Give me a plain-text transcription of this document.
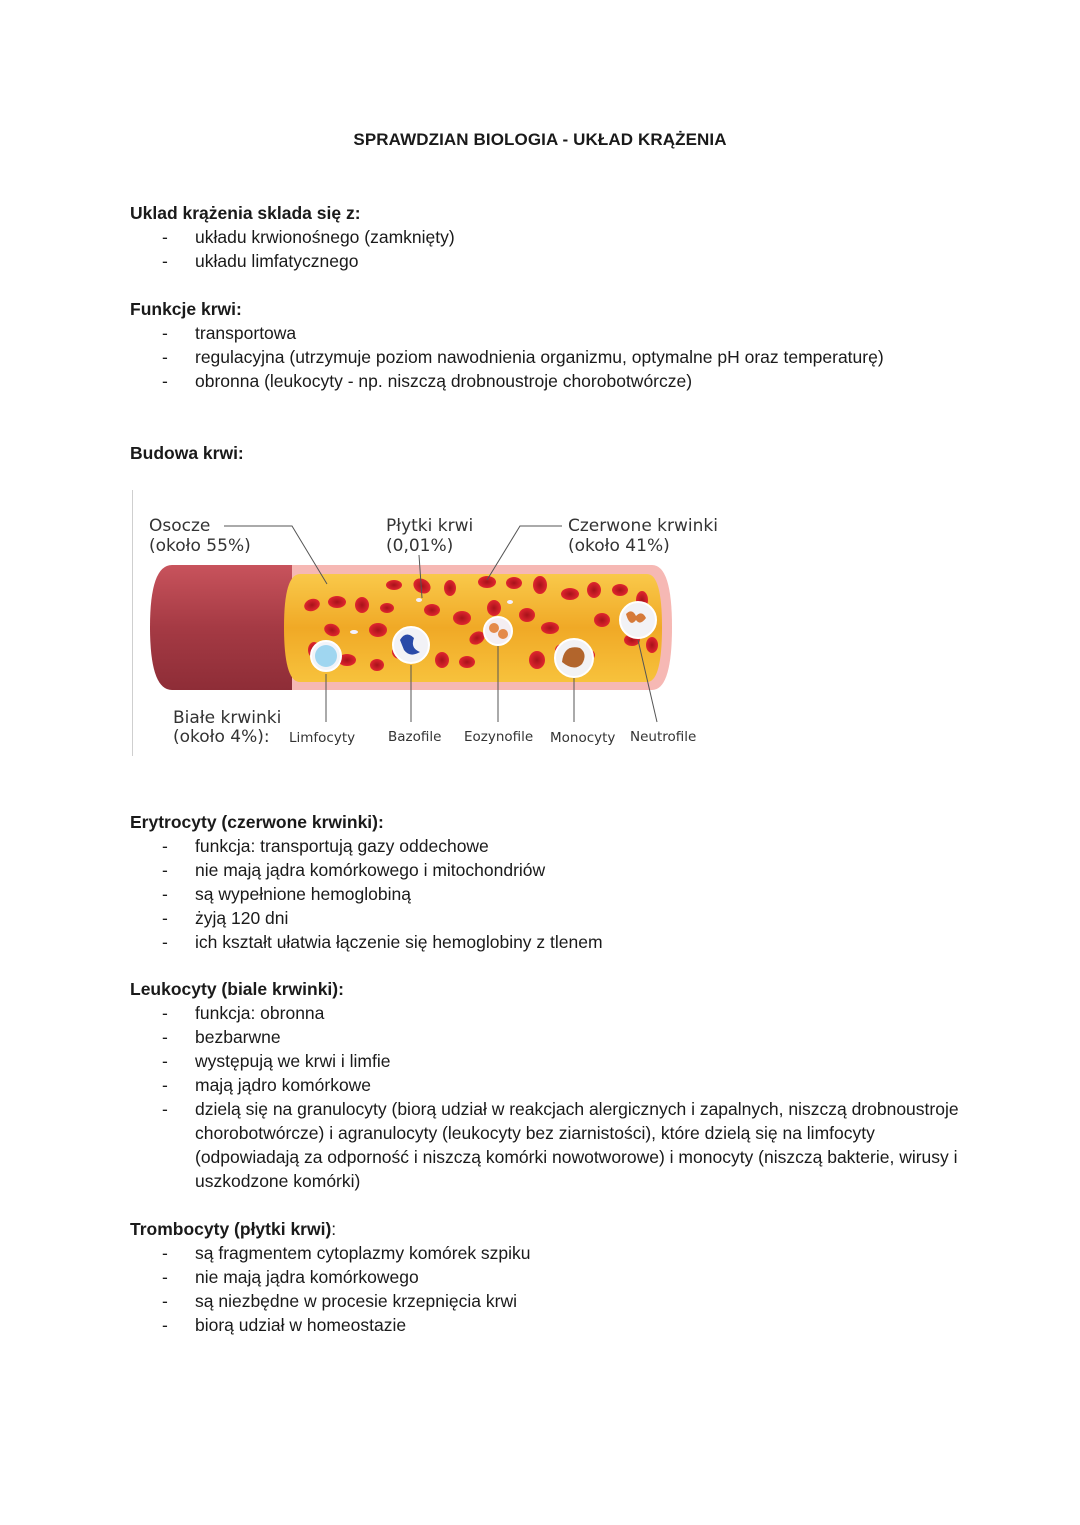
SPRAWDZIAN BIOLOGIA - UKŁAD KRĄŻENIA

Uklad krążenia sklada się z:

- układu krwionośnego (zamknięty)
- układu limfatycznego

Funkcje krwi:

- transportowa
- regulacyjna (utrzymuje poziom nawodnienia organizmu, optymalne pH oraz temperaturę)
- obronna (leukocyty - np. niszczą drobnoustroje chorobotwórcze)

Budowa krwi:

Osocze
(około 55%)
Płytki krwi
(0,01%)
Czerwone krwinki
(około 41%)
Białe krwinki
(około 4%): Limfocyty Bazofile Eozynofile Monocyty Neutrofile

Erytrocyty (czerwone krwinki):

- funkcja: transportują gazy oddechowe
- nie mają jądra komórkowego i mitochondriów
- są wypełnione hemoglobiną
- żyją 120 dni
- ich kształt ułatwia łączenie się hemoglobiny z tlenem

Leukocyty (biale krwinki):

- funkcja: obronna
- bezbarwne
- występują we krwi i limfie
- mają jądro komórkowe
- dzielą się na granulocyty (biorą udział w reakcjach alergicznych i zapalnych, niszczą drobnoustroje chorobotwórcze) i agranulocyty (leukocyty bez ziarnistości), które dzielą się na limfocyty (odpowiadają za odporność i niszczą komórki nowotworowe) i monocyty (niszczą bakterie, wirusy i uszkodzone komórki)

Trombocyty (płytki krwi):

- są fragmentem cytoplazmy komórek szpiku
- nie mają jądra komórkowego
- są niezbędne w procesie krzepnięcia krwi
- biorą udział w homeostazie
